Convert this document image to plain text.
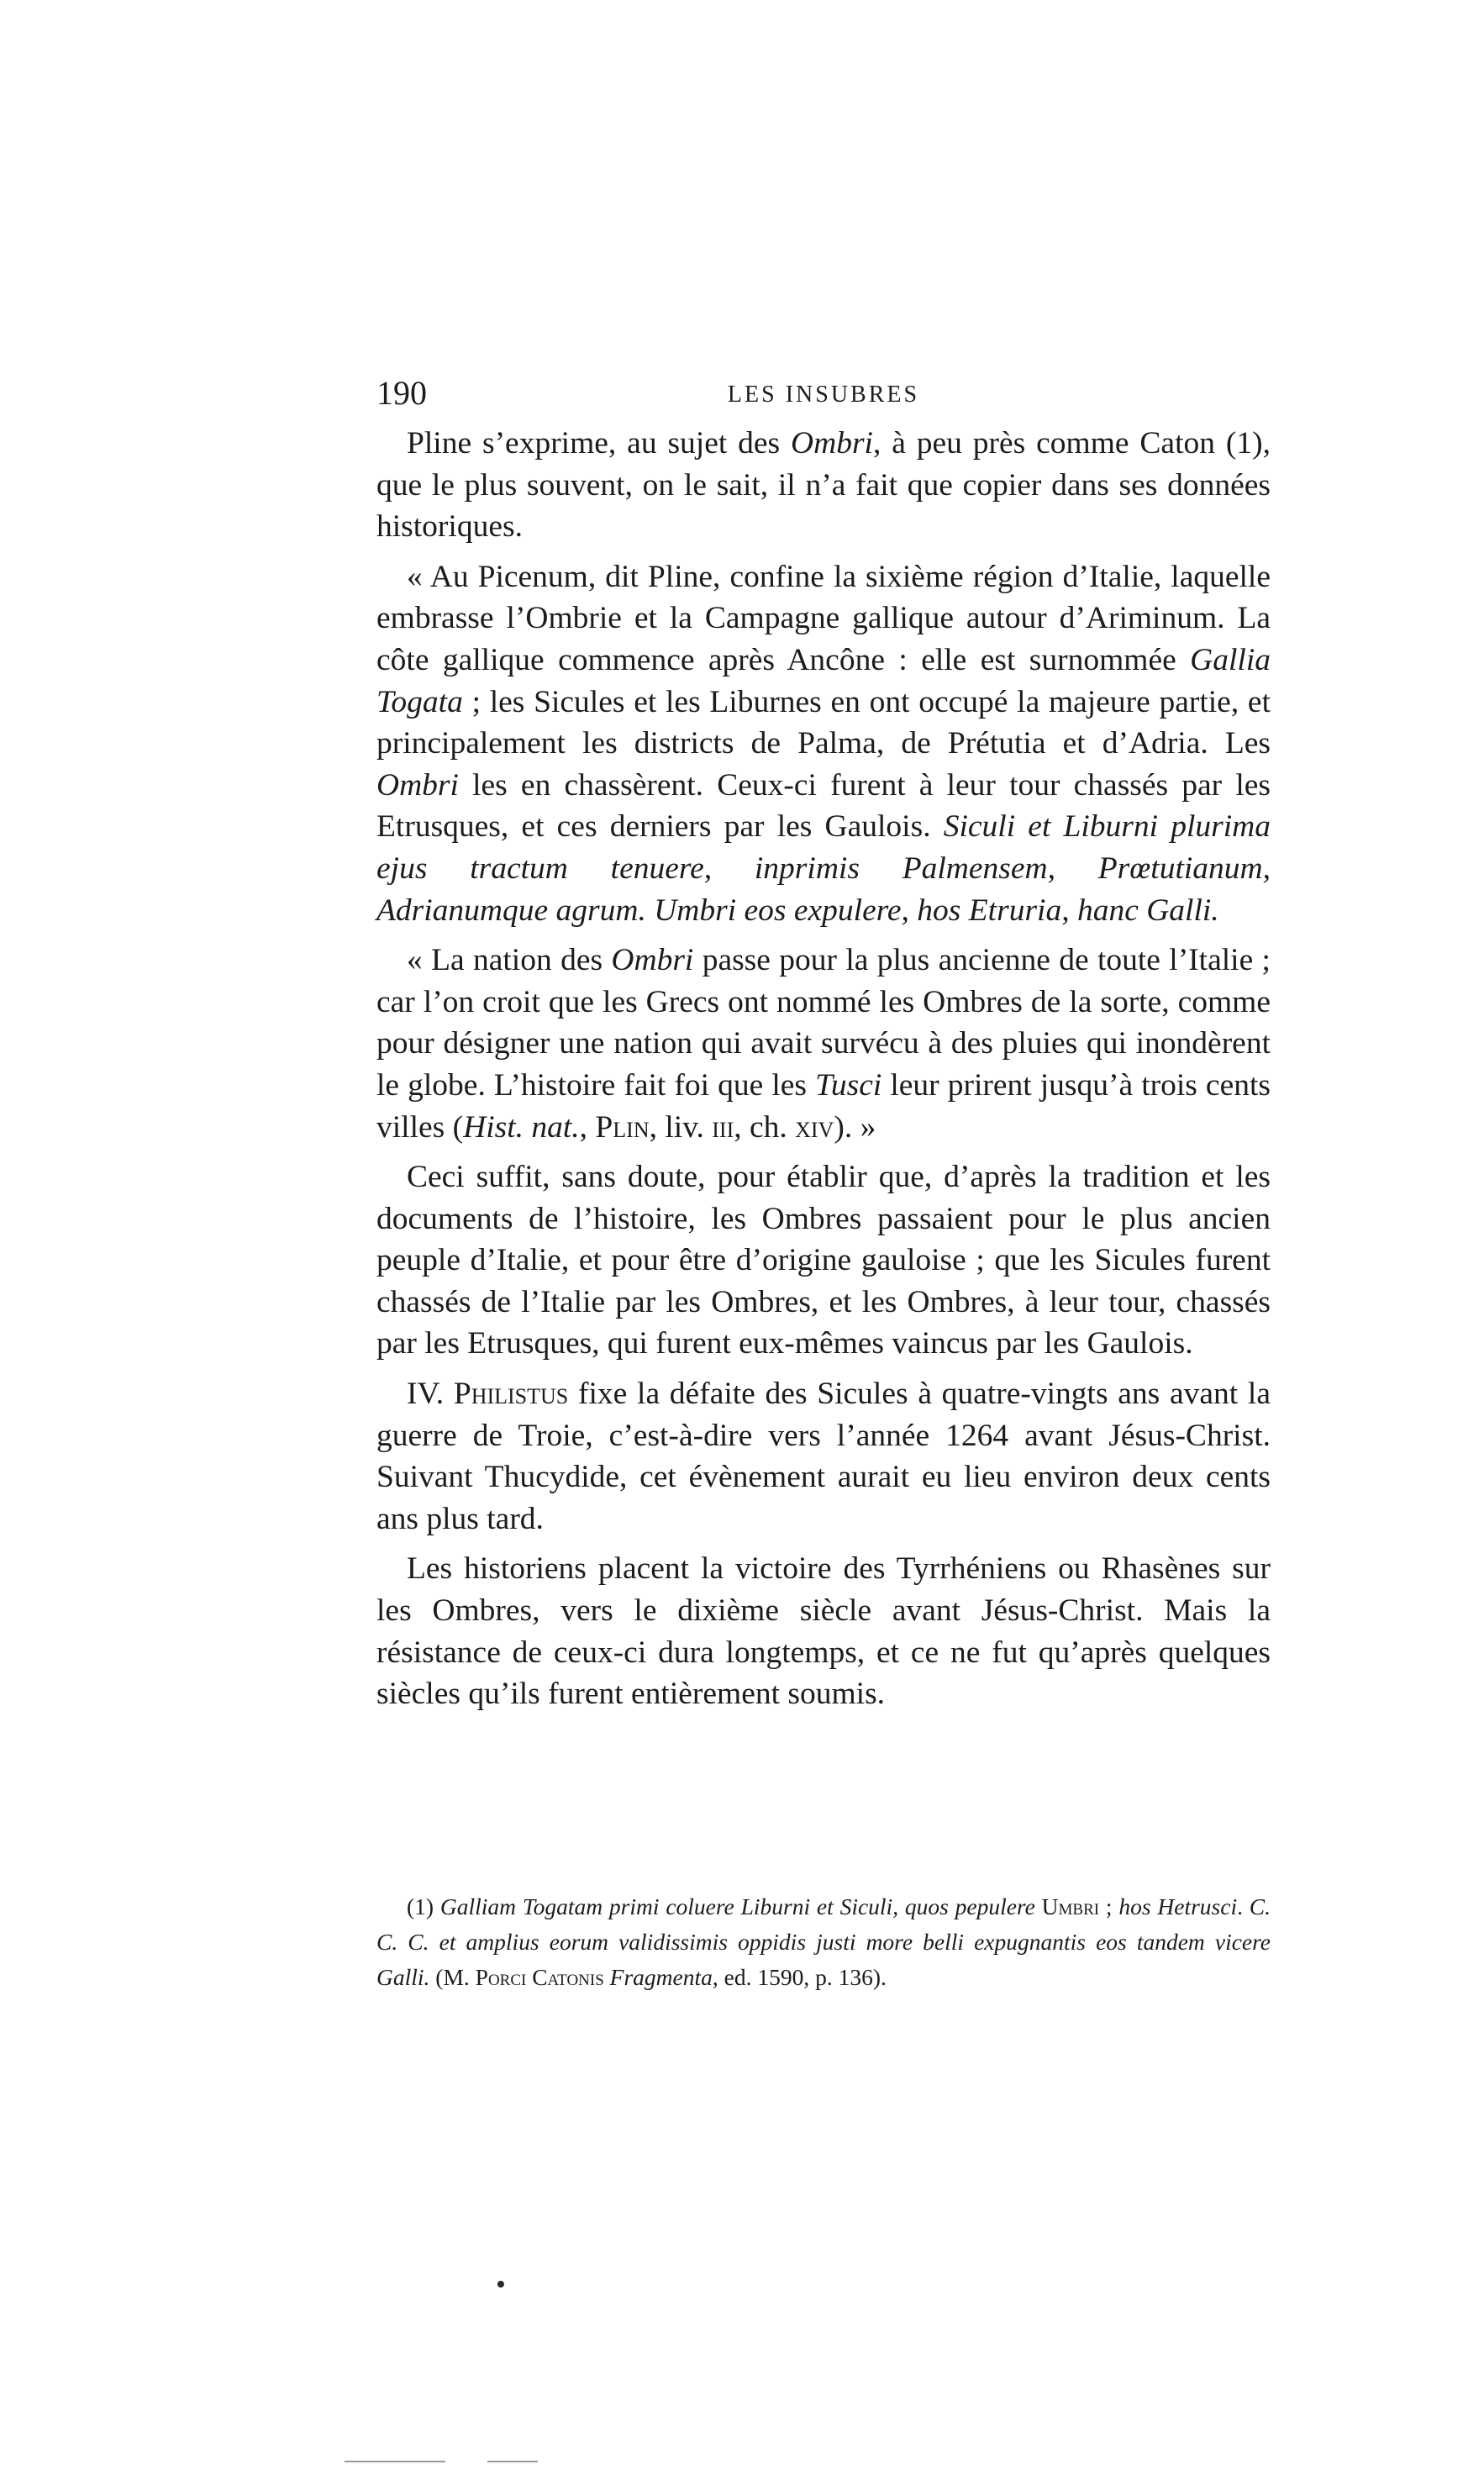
190	LES INSUBRES

Pline s’exprime, au sujet des Ombri, à peu près comme Caton (1), que le plus souvent, on le sait, il n’a fait que copier dans ses données historiques.

« Au Picenum, dit Pline, confine la sixième région d’Italie, laquelle embrasse l’Ombrie et la Campagne gallique autour d’Ariminum. La côte gallique commence après Ancône : elle est surnommée Gallia Togata ; les Sicules et les Liburnes en ont occupé la majeure partie, et principalement les districts de Palma, de Prétutia et d’Adria. Les Ombri les en chassèrent. Ceux-ci furent à leur tour chassés par les Etrusques, et ces derniers par les Gaulois. Siculi et Liburni plurima ejus tractum tenuere, inprimis Palmensem, Prœtutianum, Adrianumque agrum. Umbri eos expulere, hos Etruria, hanc Galli.

« La nation des Ombri passe pour la plus ancienne de toute l’Italie ; car l’on croit que les Grecs ont nommé les Ombres de la sorte, comme pour désigner une nation qui avait survécu à des pluies qui inondèrent le globe. L’histoire fait foi que les Tusci leur prirent jusqu’à trois cents villes (Hist. nat., Plin, liv. iii, ch. xiv). »

Ceci suffit, sans doute, pour établir que, d’après la tradition et les documents de l’histoire, les Ombres passaient pour le plus ancien peuple d’Italie, et pour être d’origine gauloise ; que les Sicules furent chassés de l’Italie par les Ombres, et les Ombres, à leur tour, chassés par les Etrusques, qui furent eux-mêmes vaincus par les Gaulois.

IV. Philistus fixe la défaite des Sicules à quatre-vingts ans avant la guerre de Troie, c’est-à-dire vers l’année 1264 avant Jésus-Christ. Suivant Thucydide, cet évènement aurait eu lieu environ deux cents ans plus tard.

Les historiens placent la victoire des Tyrrhéniens ou Rhasènes sur les Ombres, vers le dixième siècle avant Jésus-Christ. Mais la résistance de ceux-ci dura longtemps, et ce ne fut qu’après quelques siècles qu’ils furent entièrement soumis.

(1) Galliam Togatam primi coluere Liburni et Siculi, quos pepulere Umbri ; hos Hetrusci. C. C. C. et amplius eorum validissimis oppidis justi more belli expugnantis eos tandem vicere Galli. (M. Porci Catonis Fragmenta, ed. 1590, p. 136).

•
